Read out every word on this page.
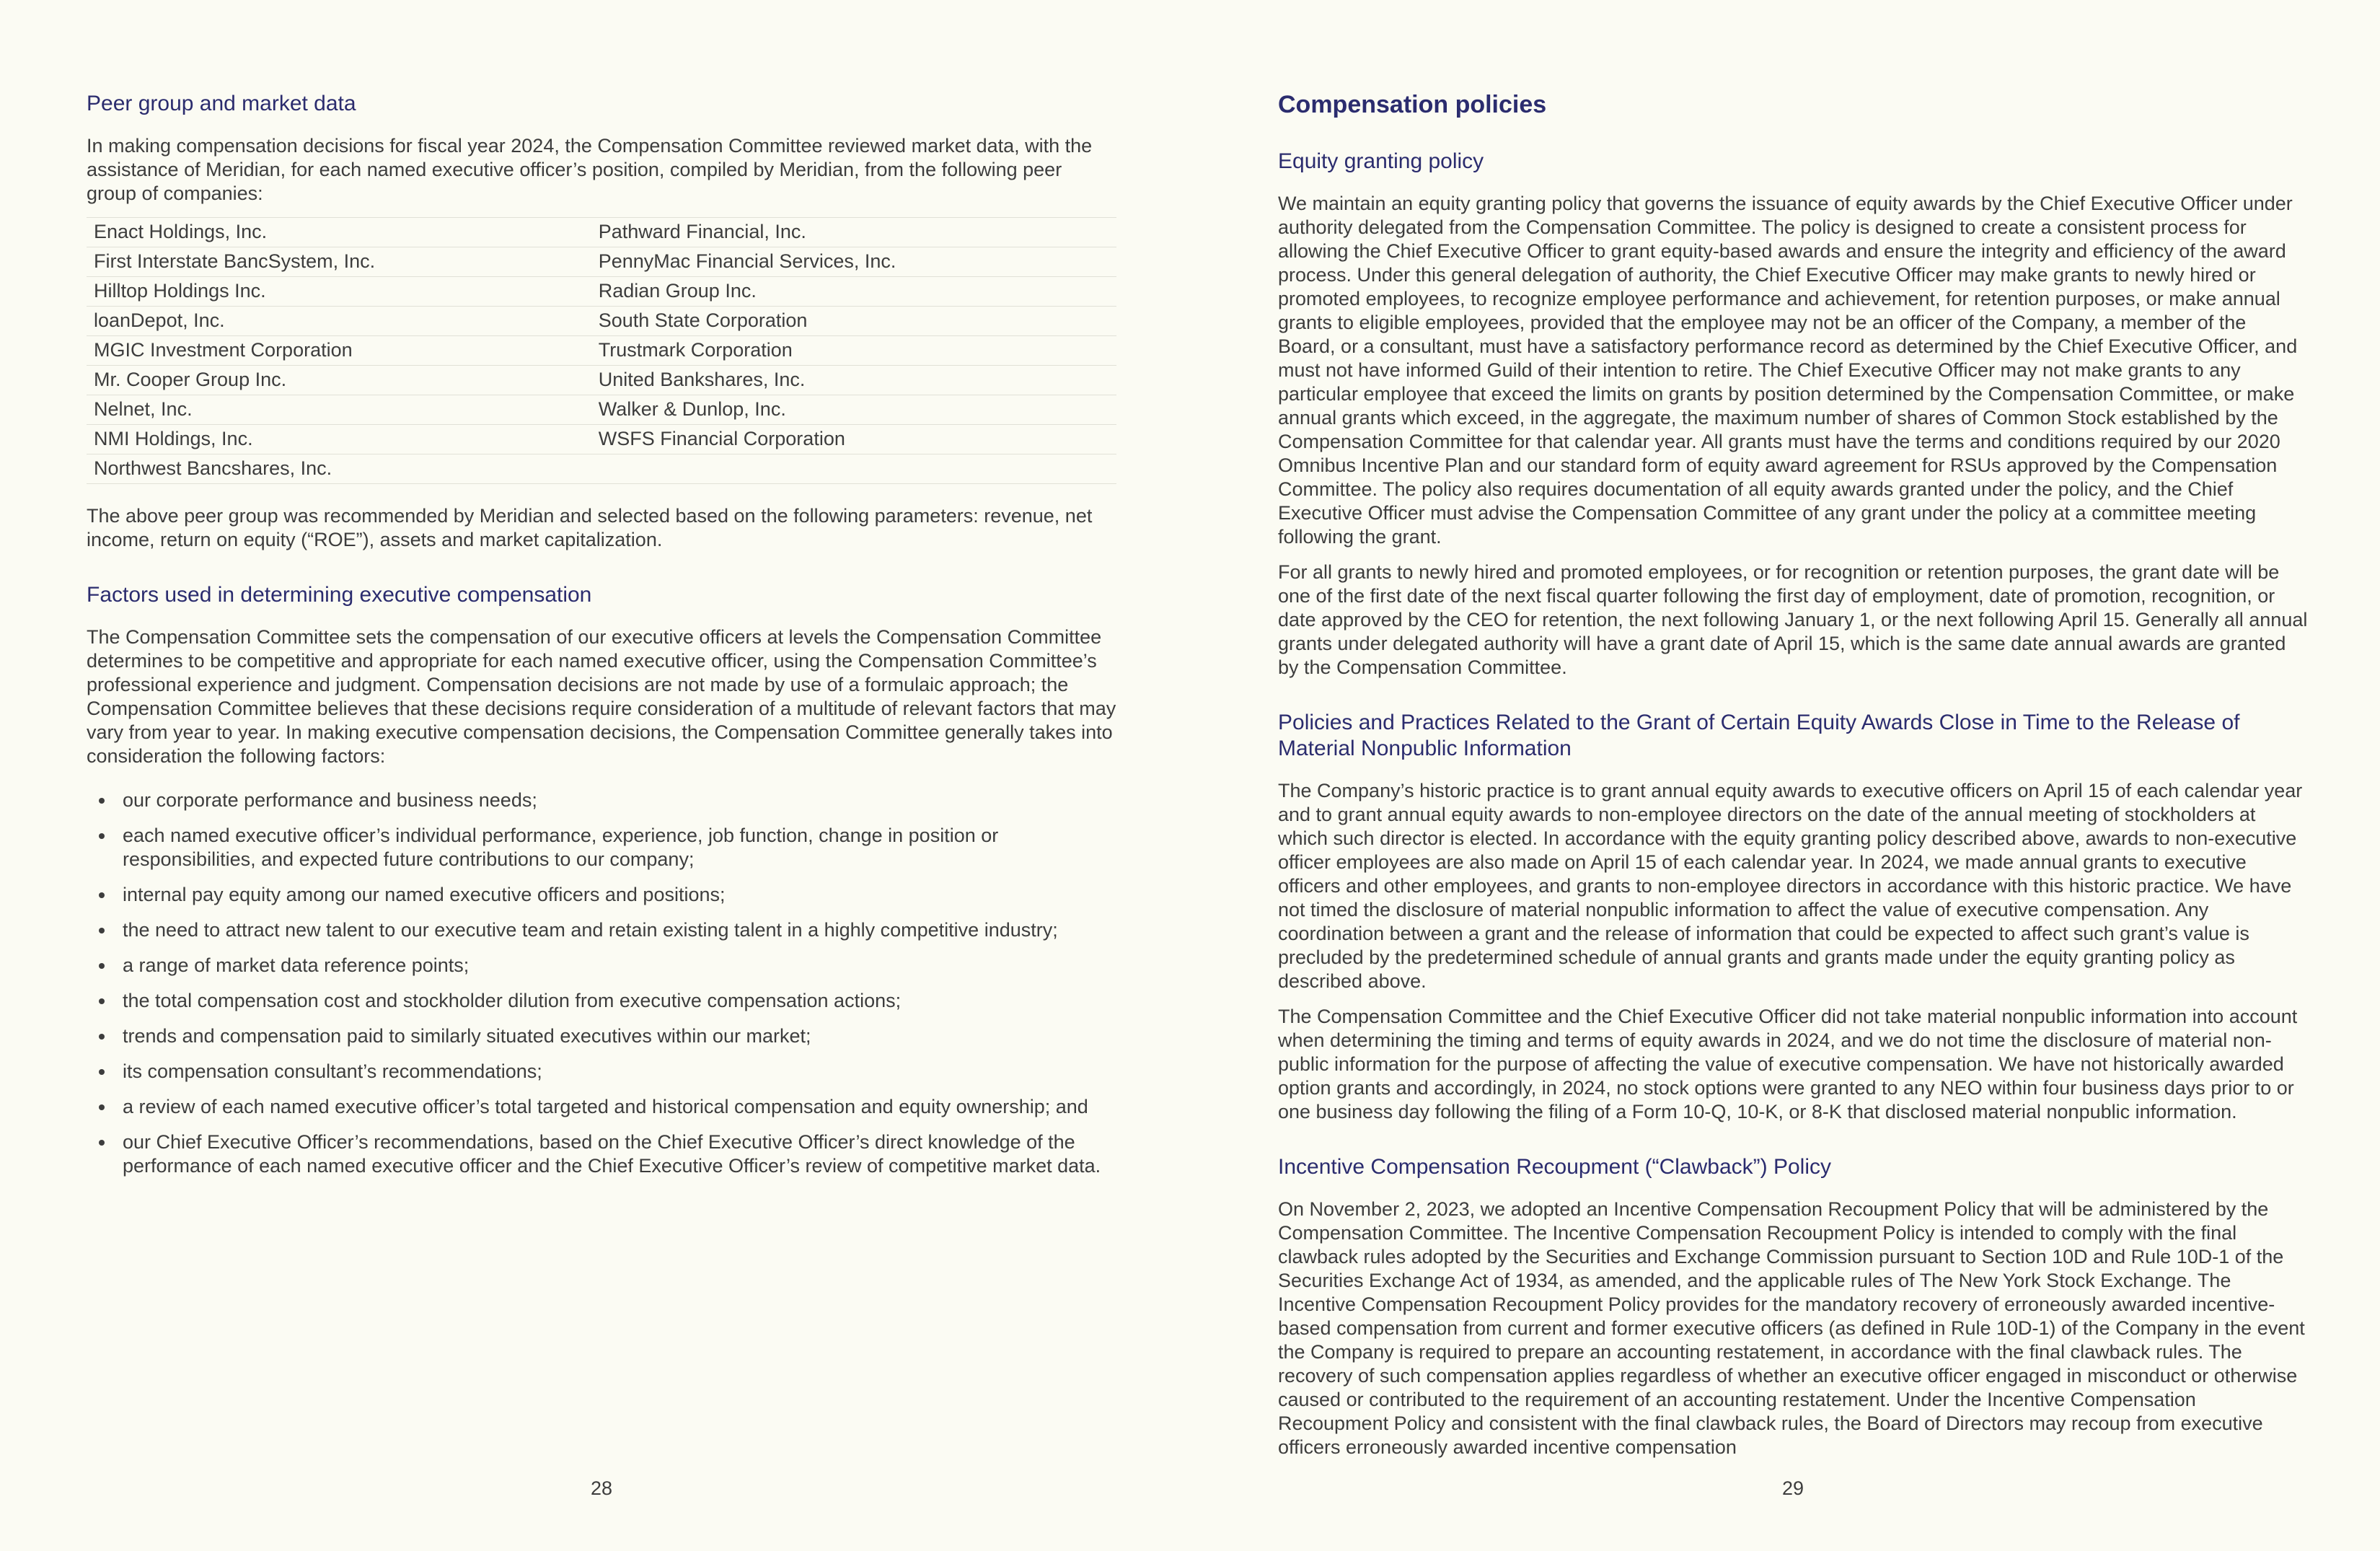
Peer group and market data

In making compensation decisions for fiscal year 2024, the Compensation Committee reviewed market data, with the assistance of Meridian, for each named executive officer’s position, compiled by Meridian, from the following peer group of companies:

Enact Holdings, Inc.	Pathward Financial, Inc.
First Interstate BancSystem, Inc.	PennyMac Financial Services, Inc.
Hilltop Holdings Inc.	Radian Group Inc.
loanDepot, Inc.	South State Corporation
MGIC Investment Corporation	Trustmark Corporation
Mr. Cooper Group Inc.	United Bankshares, Inc.
Nelnet, Inc.	Walker & Dunlop, Inc.
NMI Holdings, Inc.	WSFS Financial Corporation
Northwest Bancshares, Inc.	

The above peer group was recommended by Meridian and selected based on the following parameters: revenue, net income, return on equity (“ROE”), assets and market capitalization.

Factors used in determining executive compensation

The Compensation Committee sets the compensation of our executive officers at levels the Compensation Committee determines to be competitive and appropriate for each named executive officer, using the Compensation Committee’s professional experience and judgment. Compensation decisions are not made by use of a formulaic approach; the Compensation Committee believes that these decisions require consideration of a multitude of relevant factors that may vary from year to year. In making executive compensation decisions, the Compensation Committee generally takes into consideration the following factors:

our corporate performance and business needs;
each named executive officer’s individual performance, experience, job function, change in position or responsibilities, and expected future contributions to our company;
internal pay equity among our named executive officers and positions;
the need to attract new talent to our executive team and retain existing talent in a highly competitive industry;
a range of market data reference points;
the total compensation cost and stockholder dilution from executive compensation actions;
trends and compensation paid to similarly situated executives within our market;
its compensation consultant’s recommendations;
a review of each named executive officer’s total targeted and historical compensation and equity ownership; and
our Chief Executive Officer’s recommendations, based on the Chief Executive Officer’s direct knowledge of the performance of each named executive officer and the Chief Executive Officer’s review of competitive market data.
Compensation policies
Equity granting policy

We maintain an equity granting policy that governs the issuance of equity awards by the Chief Executive Officer under authority delegated from the Compensation Committee. The policy is designed to create a consistent process for allowing the Chief Executive Officer to grant equity-based awards and ensure the integrity and efficiency of the award process. Under this general delegation of authority, the Chief Executive Officer may make grants to newly hired or promoted employees, to recognize employee performance and achievement, for retention purposes, or make annual grants to eligible employees, provided that the employee may not be an officer of the Company, a member of the Board, or a consultant, must have a satisfactory performance record as determined by the Chief Executive Officer, and must not have informed Guild of their intention to retire. The Chief Executive Officer may not make grants to any particular employee that exceed the limits on grants by position determined by the Compensation Committee, or make annual grants which exceed, in the aggregate, the maximum number of shares of Common Stock established by the Compensation Committee for that calendar year. All grants must have the terms and conditions required by our 2020 Omnibus Incentive Plan and our standard form of equity award agreement for RSUs approved by the Compensation Committee. The policy also requires documentation of all equity awards granted under the policy, and the Chief Executive Officer must advise the Compensation Committee of any grant under the policy at a committee meeting following the grant.

For all grants to newly hired and promoted employees, or for recognition or retention purposes, the grant date will be one of the first date of the next fiscal quarter following the first day of employment, date of promotion, recognition, or date approved by the CEO for retention, the next following January 1, or the next following April 15. Generally all annual grants under delegated authority will have a grant date of April 15, which is the same date annual awards are granted by the Compensation Committee.

Policies and Practices Related to the Grant of Certain Equity Awards Close in Time to the Release of Material Nonpublic Information

The Company’s historic practice is to grant annual equity awards to executive officers on April 15 of each calendar year and to grant annual equity awards to non-employee directors on the date of the annual meeting of stockholders at which such director is elected. In accordance with the equity granting policy described above, awards to non-executive officer employees are also made on April 15 of each calendar year. In 2024, we made annual grants to executive officers and other employees, and grants to non-employee directors in accordance with this historic practice. We have not timed the disclosure of material nonpublic information to affect the value of executive compensation. Any coordination between a grant and the release of information that could be expected to affect such grant’s value is precluded by the predetermined schedule of annual grants and grants made under the equity granting policy as described above.

The Compensation Committee and the Chief Executive Officer did not take material nonpublic information into account when determining the timing and terms of equity awards in 2024, and we do not time the disclosure of material non-public information for the purpose of affecting the value of executive compensation. We have not historically awarded option grants and accordingly, in 2024, no stock options were granted to any NEO within four business days prior to or one business day following the filing of a Form 10-Q, 10-K, or 8-K that disclosed material nonpublic information.

Incentive Compensation Recoupment (“Clawback”) Policy

On November 2, 2023, we adopted an Incentive Compensation Recoupment Policy that will be administered by the Compensation Committee. The Incentive Compensation Recoupment Policy is intended to comply with the final clawback rules adopted by the Securities and Exchange Commission pursuant to Section 10D and Rule 10D-1 of the Securities Exchange Act of 1934, as amended, and the applicable rules of The New York Stock Exchange. The Incentive Compensation Recoupment Policy provides for the mandatory recovery of erroneously awarded incentive-based compensation from current and former executive officers (as defined in Rule 10D-1) of the Company in the event the Company is required to prepare an accounting restatement, in accordance with the final clawback rules. The recovery of such compensation applies regardless of whether an executive officer engaged in misconduct or otherwise caused or contributed to the requirement of an accounting restatement. Under the Incentive Compensation Recoupment Policy and consistent with the final clawback rules, the Board of Directors may recoup from executive officers erroneously awarded incentive compensation

28	29
